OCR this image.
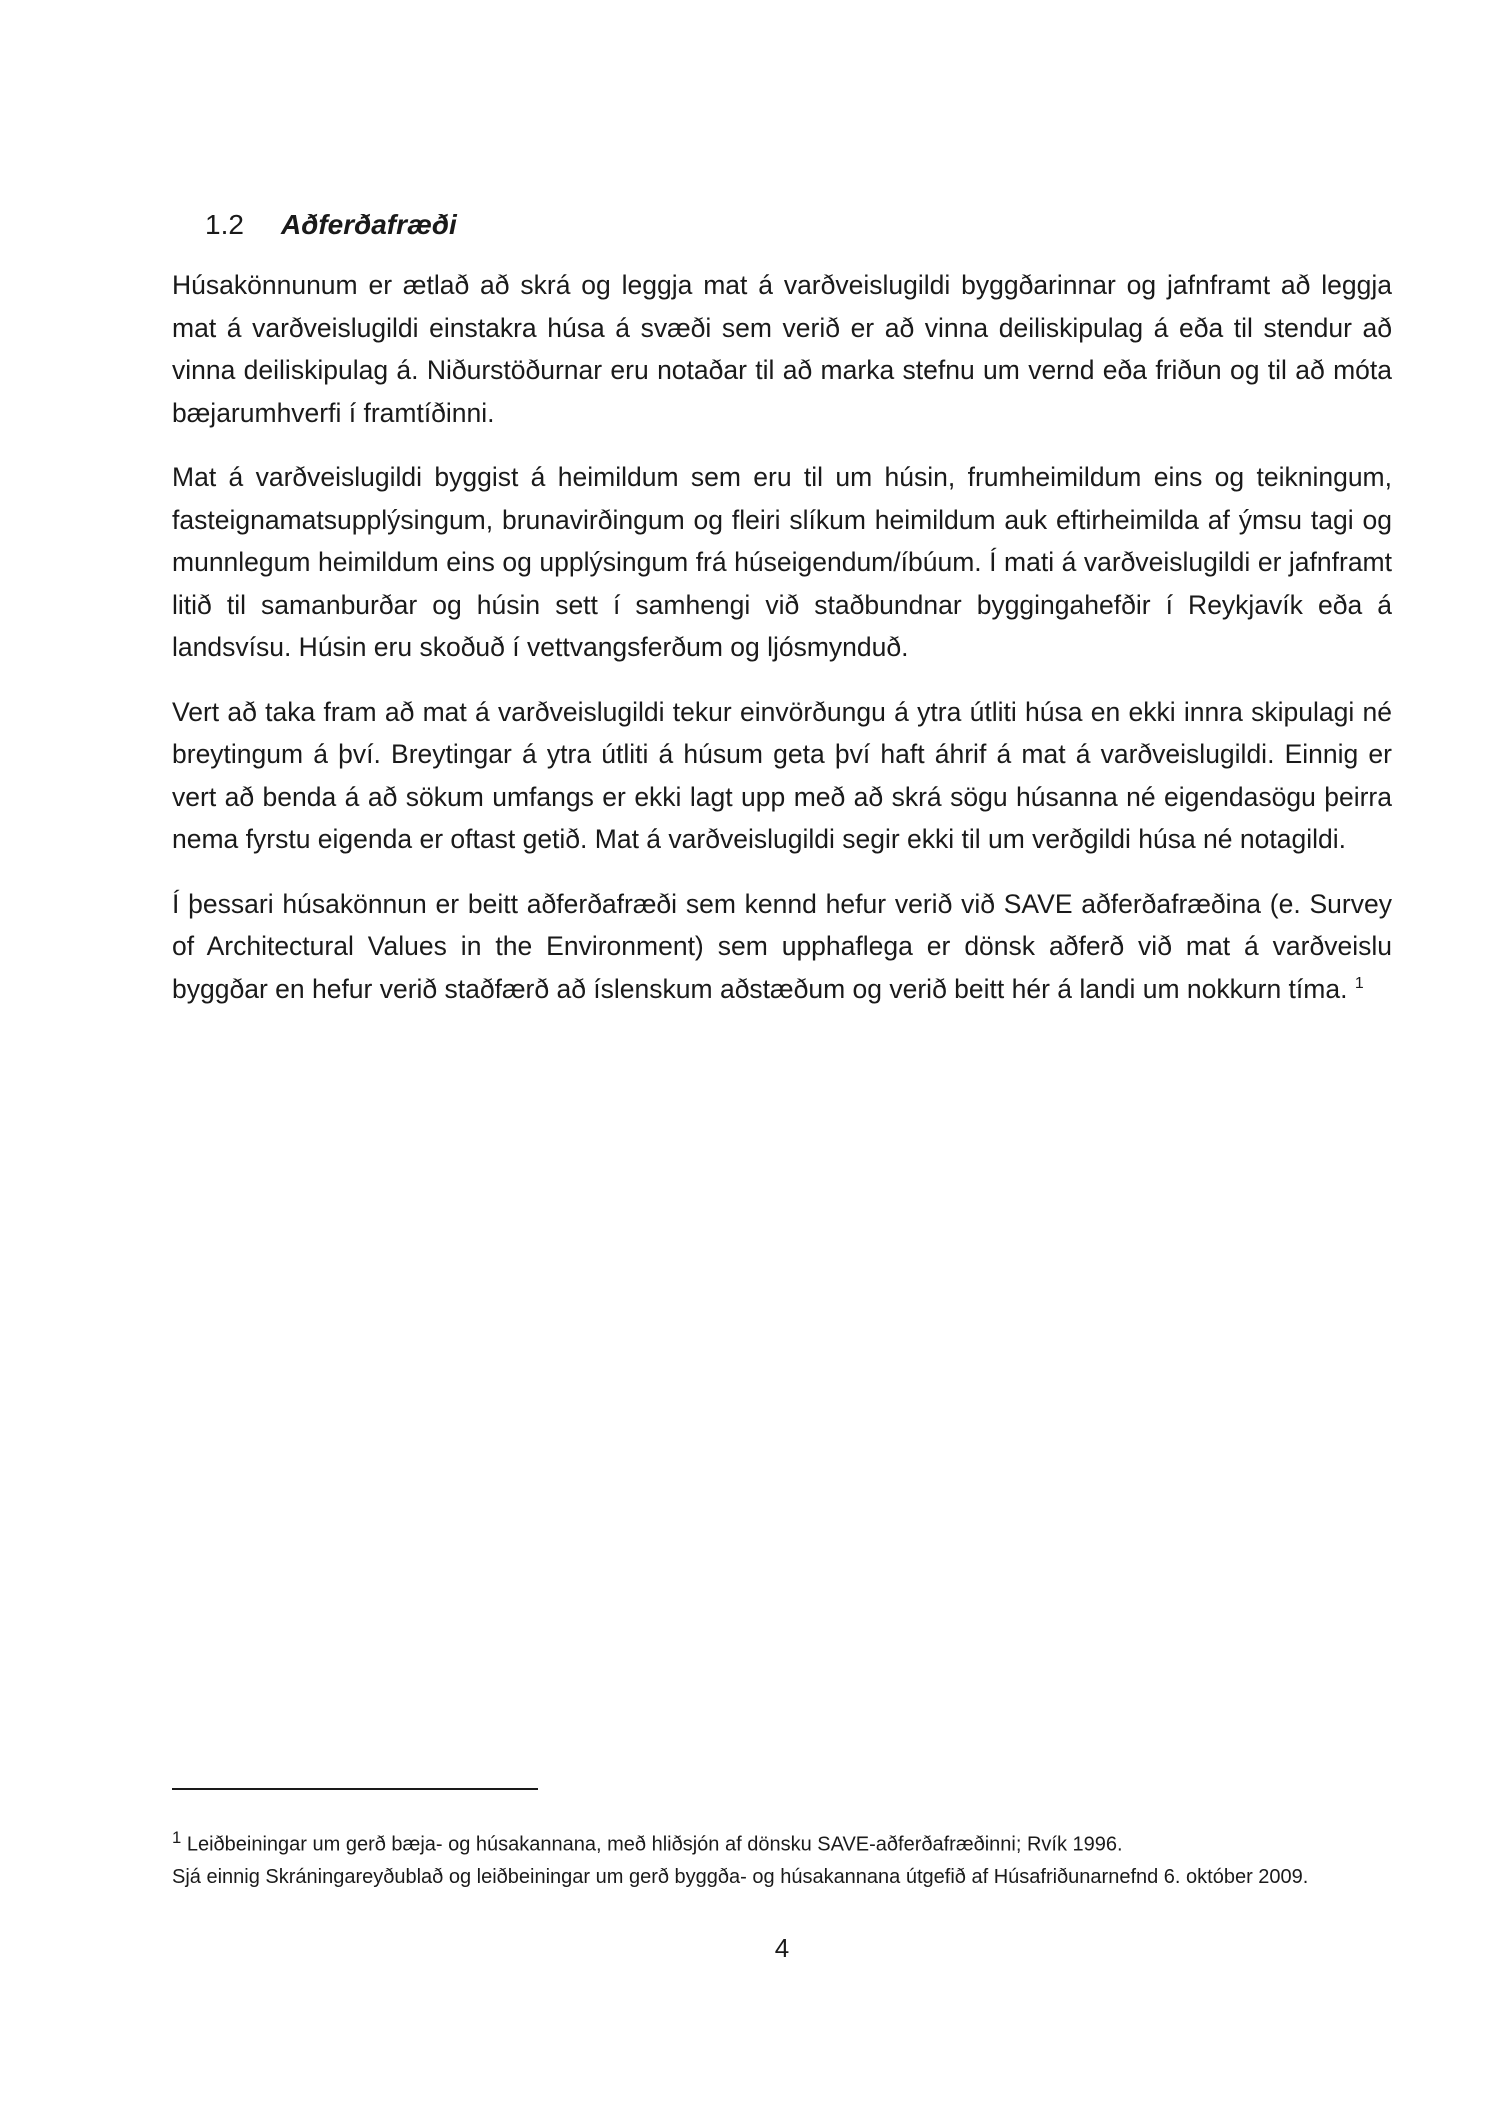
1.2 Aðferðafræði

Húsakönnunum er ætlað að skrá og leggja mat á varðveislugildi byggðarinnar og jafnframt að leggja mat á varðveislugildi einstakra húsa á svæði sem verið er að vinna deiliskipulag á eða til stendur að vinna deiliskipulag á. Niðurstöðurnar eru notaðar til að marka stefnu um vernd eða friðun og til að móta bæjarumhverfi í framtíðinni.

Mat á varðveislugildi byggist á heimildum sem eru til um húsin, frumheimildum eins og teikningum, fasteignamatsupplýsingum, brunavirðingum og fleiri slíkum heimildum auk eftirheimilda af ýmsu tagi og munnlegum heimildum eins og upplýsingum frá húseigendum/íbúum. Í mati á varðveislugildi er jafnframt litið til samanburðar og húsin sett í samhengi við staðbundnar byggingahefðir í Reykjavík eða á landsvísu. Húsin eru skoðuð í vettvangsferðum og ljósmynduð.

Vert að taka fram að mat á varðveislugildi tekur einvörðungu á ytra útliti húsa en ekki innra skipulagi né breytingum á því. Breytingar á ytra útliti á húsum geta því haft áhrif á mat á varðveislugildi. Einnig er vert að benda á að sökum umfangs er ekki lagt upp með að skrá sögu húsanna né eigendasögu þeirra nema fyrstu eigenda er oftast getið. Mat á varðveislugildi segir ekki til um verðgildi húsa né notagildi.

Í þessari húsakönnun er beitt aðferðafræði sem kennd hefur verið við SAVE aðferðafræðina (e. Survey of Architectural Values in the Environment) sem upphaflega er dönsk aðferð við mat á varðveislu byggðar en hefur verið staðfærð að íslenskum aðstæðum og verið beitt hér á landi um nokkurn tíma. $^1$

$^1$ Leiðbeiningar um gerð bæja- og húsakannana, með hliðsjón af dönsku SAVE-aðferðafræðinni; Rvík 1996.

Sjá einnig Skráningareyðublað og leiðbeiningar um gerð byggða- og húsakannana útgefið af Húsafriðunarnefnd 6. október 2009.

4
